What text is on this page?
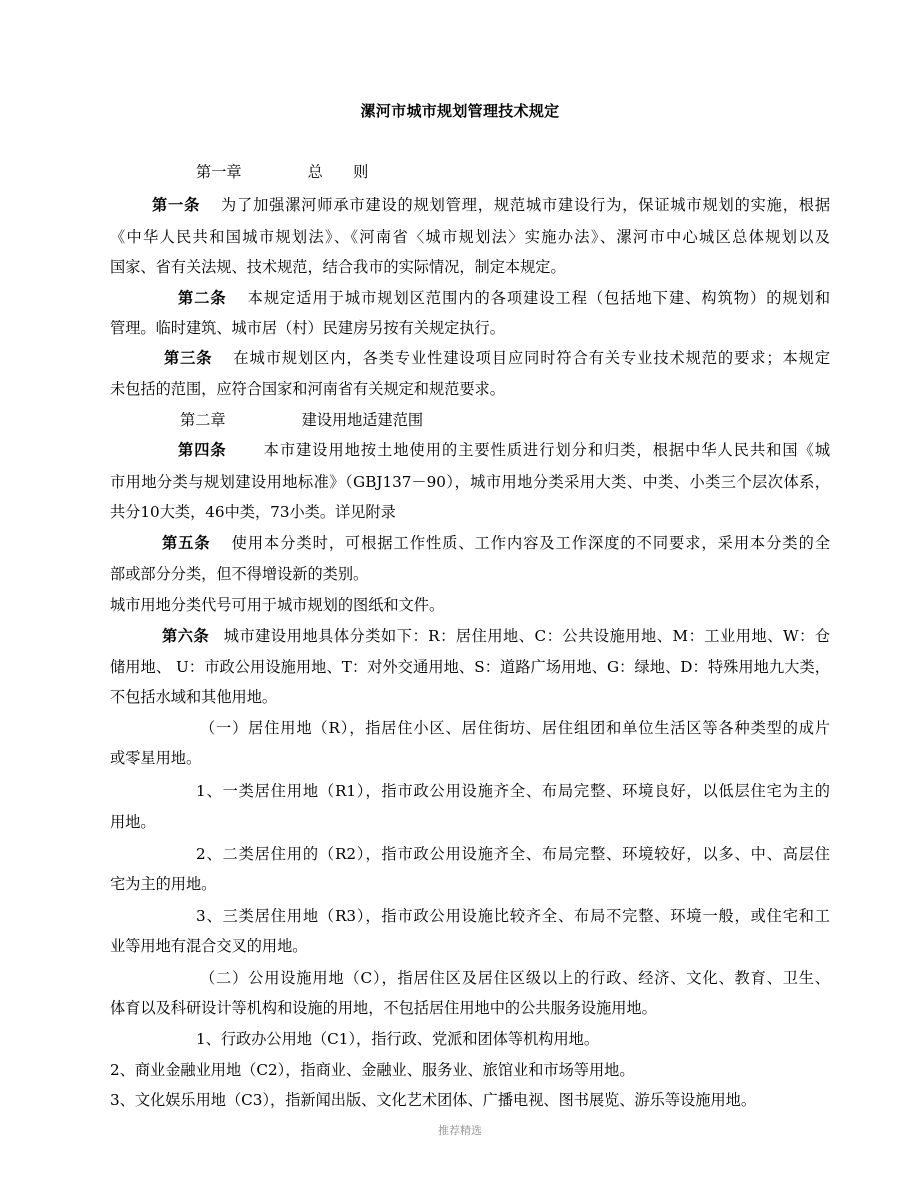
漯河市城市规划管理技术规定
第一章	总　　则
第一条 为了加强漯河师承市建设的规划管理，规范城市建设行为，保证城市规划的实施，根据
《中华人民共和国城市规划法》、《河南省〈城市规划法〉实施办法》、漯河市中心城区总体规划以及
国家、省有关法规、技术规范，结合我市的实际情况，制定本规定。
第二条 本规定适用于城市规划区范围内的各项建设工程（包括地下建、构筑物）的规划和
管理。临时建筑、城市居（村）民建房另按有关规定执行。
第三条 在城市规划区内，各类专业性建设项目应同时符合有关专业技术规范的要求；本规定
未包括的范围，应符合国家和河南省有关规定和规范要求。
第二章	建设用地适建范围
第四条 本市建设用地按土地使用的主要性质进行划分和归类，根据中华人民共和国《城
市用地分类与规划建设用地标准》（GBJ137－90），城市用地分类采用大类、中类、小类三个层次体系，
共分10大类，46中类，73小类。详见附录
第五条 使用本分类时，可根据工作性质、工作内容及工作深度的不同要求，采用本分类的全
部或部分分类，但不得增设新的类别。
城市用地分类代号可用于城市规划的图纸和文件。
第六条 城市建设用地具体分类如下：R：居住用地、C：公共设施用地、M：工业用地、W：仓
储用地、 U：市政公用设施用地、T：对外交通用地、S：道路广场用地、G：绿地、D：特殊用地九大类，
不包括水域和其他用地。
（一）居住用地（R），指居住小区、居住街坊、居住组团和单位生活区等各种类型的成片
或零星用地。
1、一类居住用地（R1），指市政公用设施齐全、布局完整、环境良好，以低层住宅为主的
用地。
2、二类居住用的（R2），指市政公用设施齐全、布局完整、环境较好，以多、中、高层住
宅为主的用地。
3、三类居住用地（R3），指市政公用设施比较齐全、布局不完整、环境一般，或住宅和工
业等用地有混合交叉的用地。
（二）公用设施用地（C），指居住区及居住区级以上的行政、经济、文化、教育、卫生、
体育以及科研设计等机构和设施的用地，不包括居住用地中的公共服务设施用地。
1、行政办公用地（C1），指行政、党派和团体等机构用地。
2、商业金融业用地（C2），指商业、金融业、服务业、旅馆业和市场等用地。
3、文化娱乐用地（C3），指新闻出版、文化艺术团体、广播电视、图书展览、游乐等设施用地。
推荐精选
